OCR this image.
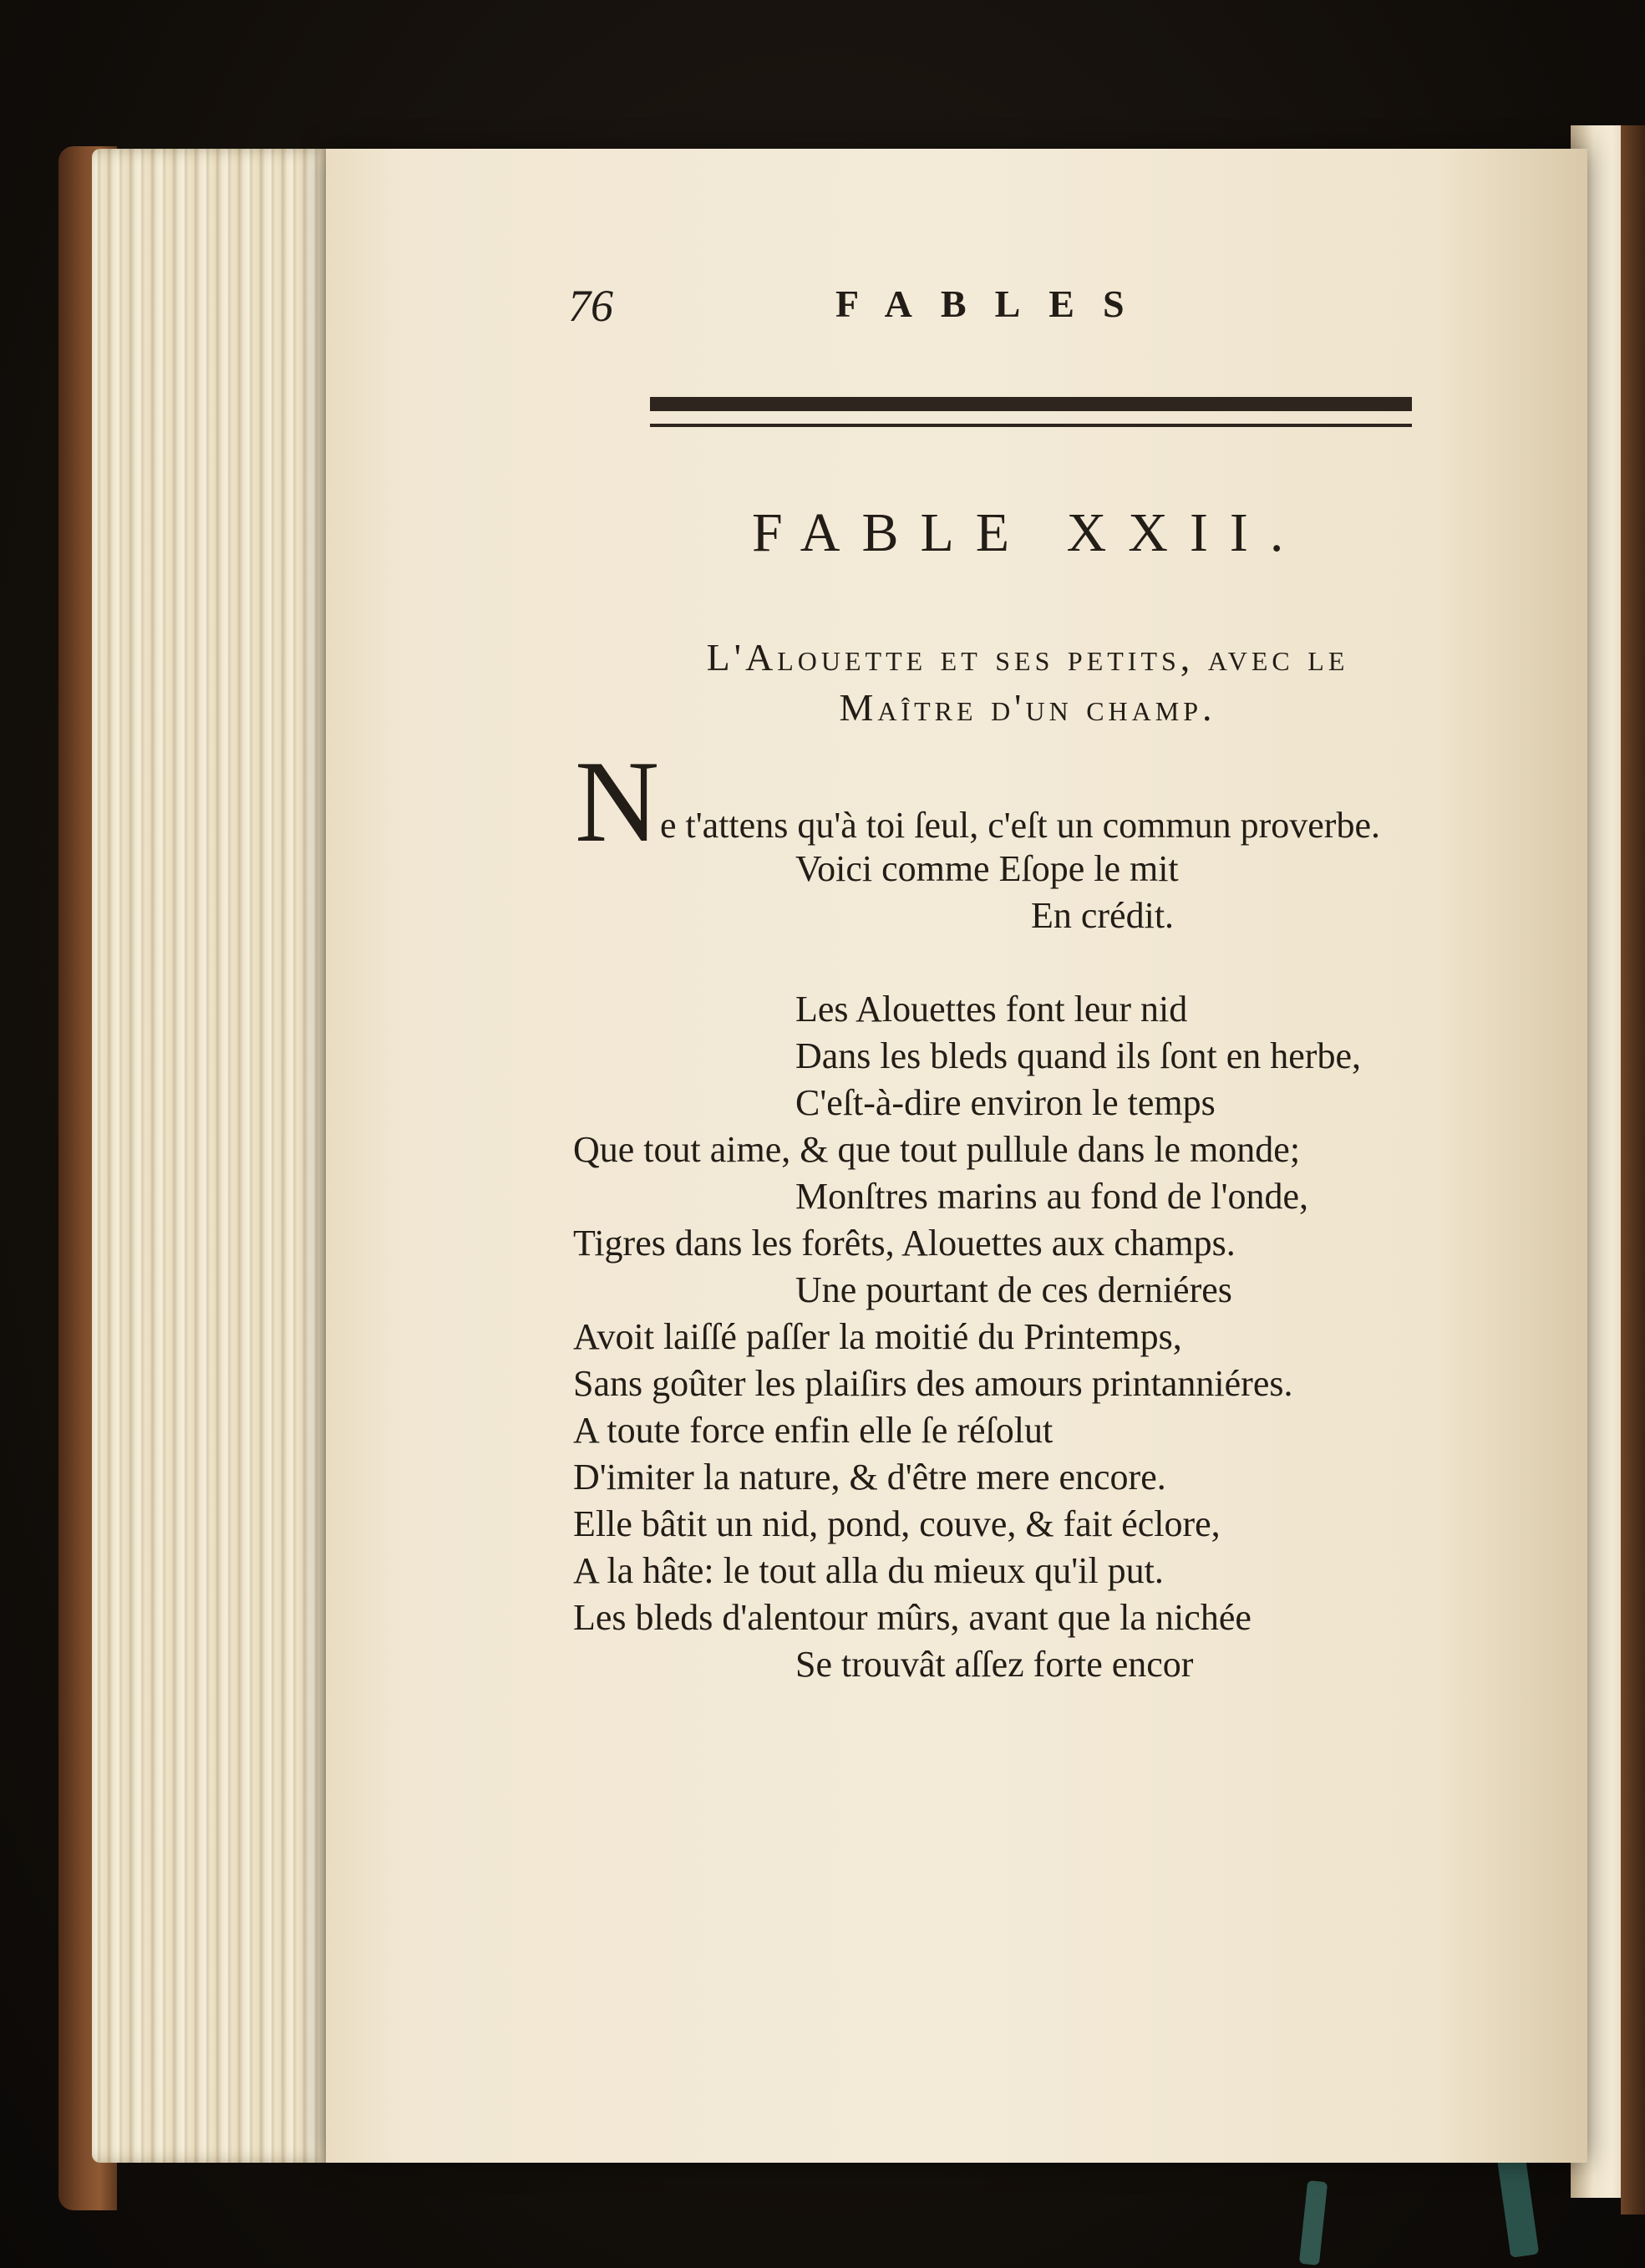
76	FABLES
FABLE XXII.
L'Alouette et ses petits, avec le
Maître d'un champ.
N e t'attens qu'à toi ſeul, c'eſt un commun proverbe.
Voici comme Eſope le mit
En crédit.
Les Alouettes font leur nid
Dans les bleds quand ils ſont en herbe,
C'eſt-à-dire environ le temps
Que tout aime, & que tout pullule dans le monde;
Monſtres marins au fond de l'onde,
Tigres dans les forêts, Alouettes aux champs.
Une pourtant de ces derniéres
Avoit laiſſé paſſer la moitié du Printemps,
Sans goûter les plaiſirs des amours printanniéres.
A toute force enfin elle ſe réſolut
D'imiter la nature, & d'être mere encore.
Elle bâtit un nid, pond, couve, & fait éclore,
A la hâte: le tout alla du mieux qu'il put.
Les bleds d'alentour mûrs, avant que la nichée
Se trouvât aſſez forte encor
